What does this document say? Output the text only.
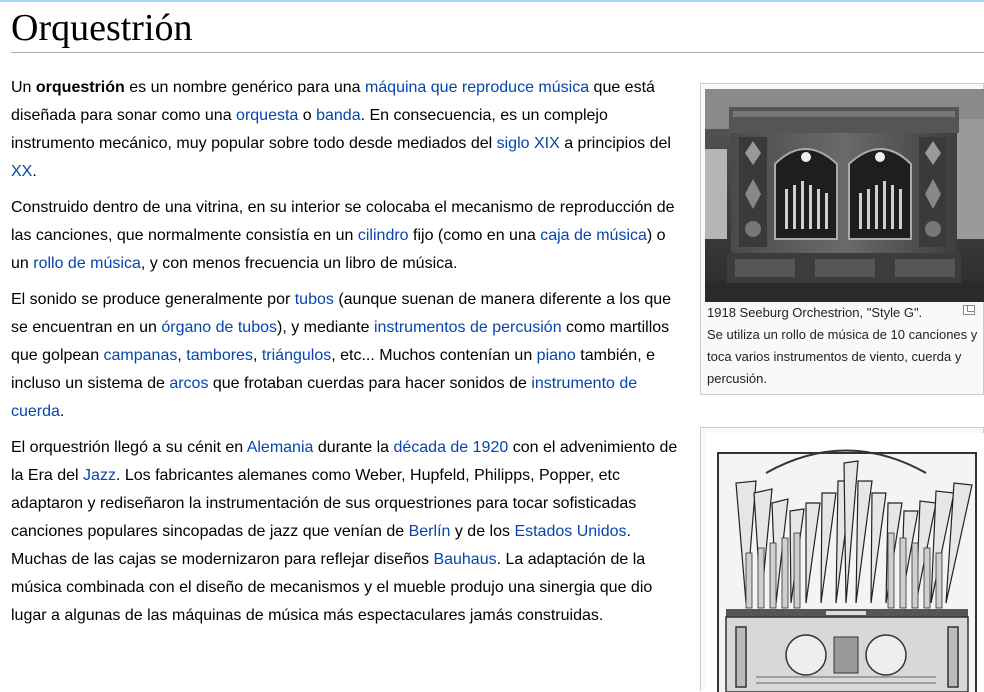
Orquestrión

Un orquestrión es un nombre genérico para una máquina que reproduce música que está diseñada para sonar como una orquesta o banda. En consecuencia, es un complejo instrumento mecánico, muy popular sobre todo desde mediados del siglo XIX a principios del XX.

Construido dentro de una vitrina, en su interior se colocaba el mecanismo de reproducción de las canciones, que normalmente consistía en un cilindro fijo (como en una caja de música) o un rollo de música, y con menos frecuencia un libro de música.

El sonido se produce generalmente por tubos (aunque suenan de manera diferente a los que se encuentran en un órgano de tubos), y mediante instrumentos de percusión como martillos que golpean campanas, tambores, triángulos, etc... Muchos contenían un piano también, e incluso un sistema de arcos que frotaban cuerdas para hacer sonidos de instrumento de cuerda.

El orquestrión llegó a su cénit en Alemania durante la década de 1920 con el advenimiento de la Era del Jazz. Los fabricantes alemanes como Weber, Hupfeld, Philipps, Popper, etc adaptaron y rediseñaron la instrumentación de sus orquestriones para tocar sofisticadas canciones populares sincopadas de jazz que venían de Berlín y de los Estados Unidos. Muchas de las cajas se modernizaron para reflejar diseños Bauhaus. La adaptación de la música combinada con el diseño de mecanismos y el mueble produjo una sinergia que dio lugar a algunas de las máquinas de música más espectaculares jamás construidas.

1918 Seeburg Orchestrion, "Style G".
Se utiliza un rollo de música de 10 canciones y toca varios instrumentos de viento, cuerda y percusión.
